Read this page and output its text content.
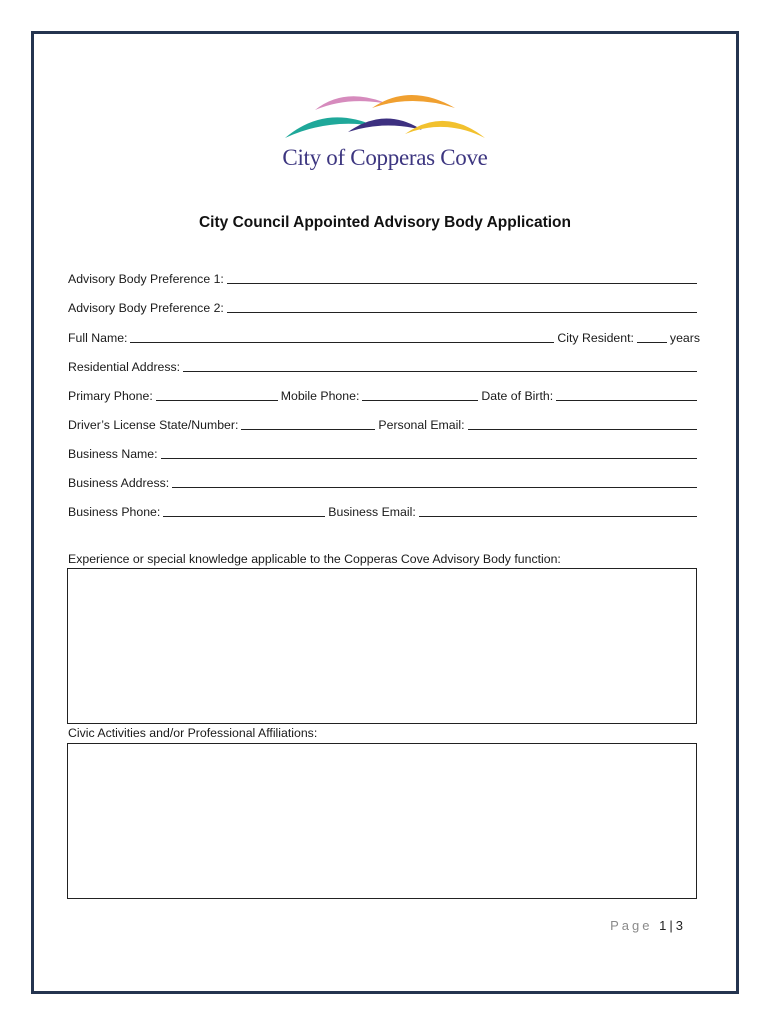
City of Copperas Cove
City Council Appointed Advisory Body Application
Advisory Body Preference 1:
Advisory Body Preference 2:
Full Name:	City Resident:	years
Residential Address:
Primary Phone:	Mobile Phone:	Date of Birth:
Driver’s License State/Number:	Personal Email:
Business Name:
Business Address:
Business Phone:	Business Email:
Experience or special knowledge applicable to the Copperas Cove Advisory Body function:
Civic Activities and/or Professional Affiliations:
Page 1|3
